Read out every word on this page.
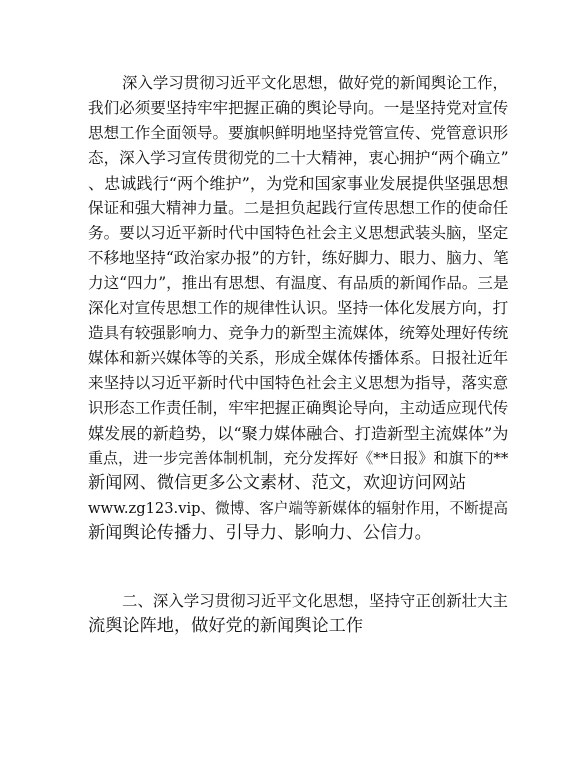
深入学习贯彻习近平文化思想，做好党的新闻舆论工作，
我们必须要坚持牢牢把握正确的舆论导向。一是坚持党对宣传
思想工作全面领导。要旗帜鲜明地坚持党管宣传、党管意识形
态，深入学习宣传贯彻党的二十大精神，衷心拥护“两个确立”
、忠诚践行“两个维护”，为党和国家事业发展提供坚强思想
保证和强大精神力量。二是担负起践行宣传思想工作的使命任
务。要以习近平新时代中国特色社会主义思想武装头脑，坚定
不移地坚持“政治家办报”的方针，练好脚力、眼力、脑力、笔
力这“四力”，推出有思想、有温度、有品质的新闻作品。三是
深化对宣传思想工作的规律性认识。坚持一体化发展方向，打
造具有较强影响力、竞争力的新型主流媒体，统筹处理好传统
媒体和新兴媒体等的关系，形成全媒体传播体系。日报社近年
来坚持以习近平新时代中国特色社会主义思想为指导，落实意
识形态工作责任制，牢牢把握正确舆论导向，主动适应现代传
媒发展的新趋势，以“聚力媒体融合、打造新型主流媒体”为
重点，进一步完善体制机制，充分发挥好《**日报》和旗下的**
新闻网、微信更多公文素材、范文，欢迎访问网站
www.zg123.vip、微博、客户端等新媒体的辐射作用，不断提高
新闻舆论传播力、引导力、影响力、公信力。
二、深入学习贯彻习近平文化思想，坚持守正创新壮大主
流舆论阵地，做好党的新闻舆论工作
